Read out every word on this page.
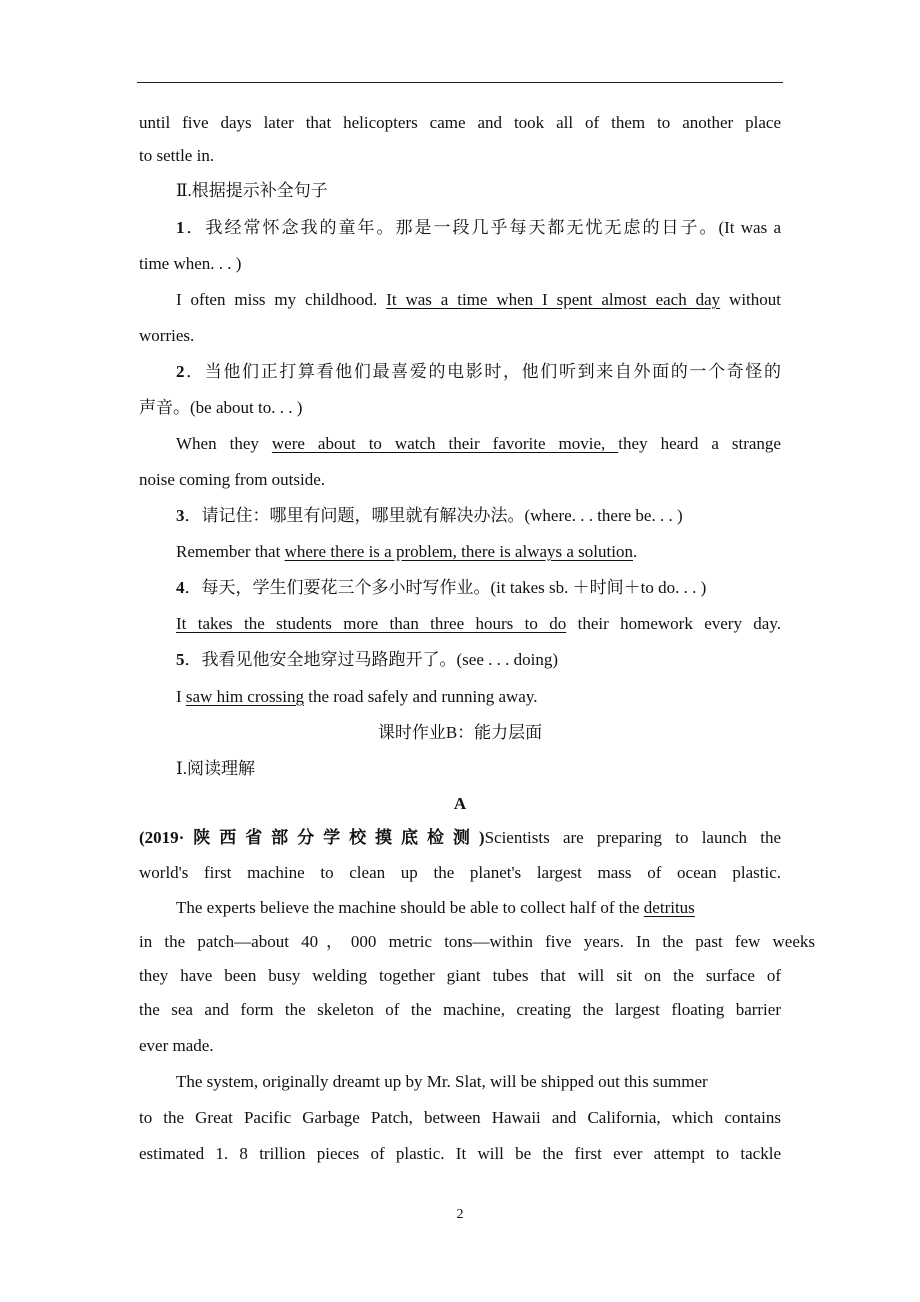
until five days later that helicopters came and took all of them to another place
to settle in.
Ⅱ.根据提示补全句子
1．我经常怀念我的童年。那是一段几乎每天都无忧无虑的日子。(It was a
time when. . . )
I often miss my childhood. It was a time when I spent almost each day without
worries.
2．当他们正打算看他们最喜爱的电影时，他们听到来自外面的一个奇怪的
声音。(be about to. . . )
When they were about to watch their favorite movie, they heard a strange
noise coming from outside.
3．请记住：哪里有问题，哪里就有解决办法。(where. . . there be. . . )
Remember that where there is a problem, there is always a solution.
4．每天，学生们要花三个多小时写作业。(it takes sb. ＋时间＋to do. . . )
It takes the students more than three hours to do their homework every day.
5．我看见他安全地穿过马路跑开了。(see . . . doing)
I saw him crossing the road safely and running away.
课时作业B：能力层面
Ⅰ.阅读理解
A
(2019·陕西省部分学校摸底检测)Scientists are preparing to launch the
world's first machine to clean up the planet's largest mass of ocean plastic.
The experts believe the machine should be able to collect half of the detritus
in the patch—about 40，000 metric tons—within five years. In the past few weeks
they have been busy welding together giant tubes that will sit on the surface of
the sea and form the skeleton of the machine, creating the largest floating barrier
ever made.
The system, originally dreamt up by Mr. Slat, will be shipped out this summer
to the Great Pacific Garbage Patch, between Hawaii and California, which contains
estimated 1. 8 trillion pieces of plastic. It will be the first ever attempt to tackle
2
